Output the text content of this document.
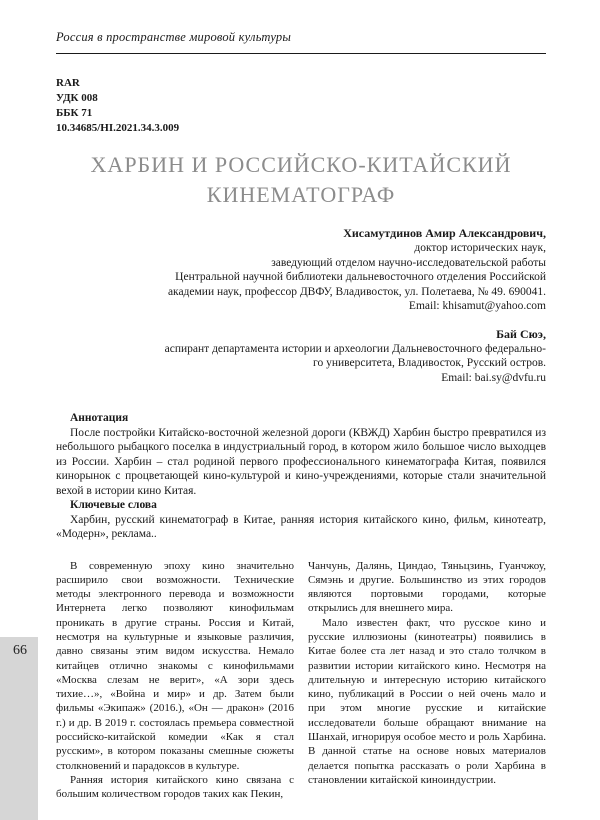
Россия в пространстве мировой культуры
RAR
УДК 008
ББК 71
10.34685/HI.2021.34.3.009
ХАРБИН И РОССИЙСКО-КИТАЙСКИЙ КИНЕМАТОГРАФ
Хисамутдинов Амир Александрович,
доктор исторических наук,
заведующий отделом научно-исследовательской работы
Центральной научной библиотеки дальневосточного отделения Российской
академии наук, профессор ДВФУ, Владивосток, ул. Полетаева, № 49. 690041.
Email: khisamut@yahoo.com
Бай Сюэ,
аспирант департамента истории и археологии Дальневосточного федерально-
го университета, Владивосток, Русский остров.
Email: bai.sy@dvfu.ru
Аннотация

После постройки Китайско-восточной железной дороги (КВЖД) Харбин быстро превратился из небольшого рыбацкого поселка в индустриальный город, в котором жило большое число выходцев из России. Харбин – стал родиной первого профессионального кинематографа Китая, появился кинорынок с процветающей кино-культурой и кино-учреждениями, которые стали значительной вехой в истории кино Китая.

Ключевые слова

Харбин, русский кинематограф в Китае, ранняя история китайского кино, фильм, кинотеатр, «Модерн», реклама..

В современную эпоху кино значительно расширило свои возможности. Технические методы электронного перевода и возможности Интернета легко позволяют кинофильмам проникать в другие страны. Россия и Китай, несмотря на культурные и языковые различия, давно связаны этим видом искусства. Немало китайцев отлично знакомы с кинофильмами «Москва слезам не верит», «А зори здесь тихие…», «Война и мир» и др. Затем были фильмы «Экипаж» (2016.), «Он — дракон» (2016 г.) и др. В 2019 г. состоялась премьера совместной российско-китайской комедии «Как я стал русским», в котором показаны смешные сюжеты столкновений и парадоксов в культуре.

Ранняя история китайского кино связана с большим количеством городов таких как Пекин,

Чанчунь, Далянь, Циндао, Тяньцзинь, Гуанчжоу, Сямэнь и другие. Большинство из этих городов являются портовыми городами, которые открылись для внешнего мира.

Мало известен факт, что русское кино и русские иллюзионы (кинотеатры) появились в Китае более ста лет назад и это стало толчком в развитии истории китайского кино. Несмотря на длительную и интересную историю китайского кино, публикаций в России о ней очень мало и при этом многие русские и китайские исследователи больше обращают внимание на Шанхай, игнорируя особое место и роль Харбина. В данной статье на основе новых материалов делается попытка рассказать о роли Харбина в становлении китайской киноиндустрии.

66
